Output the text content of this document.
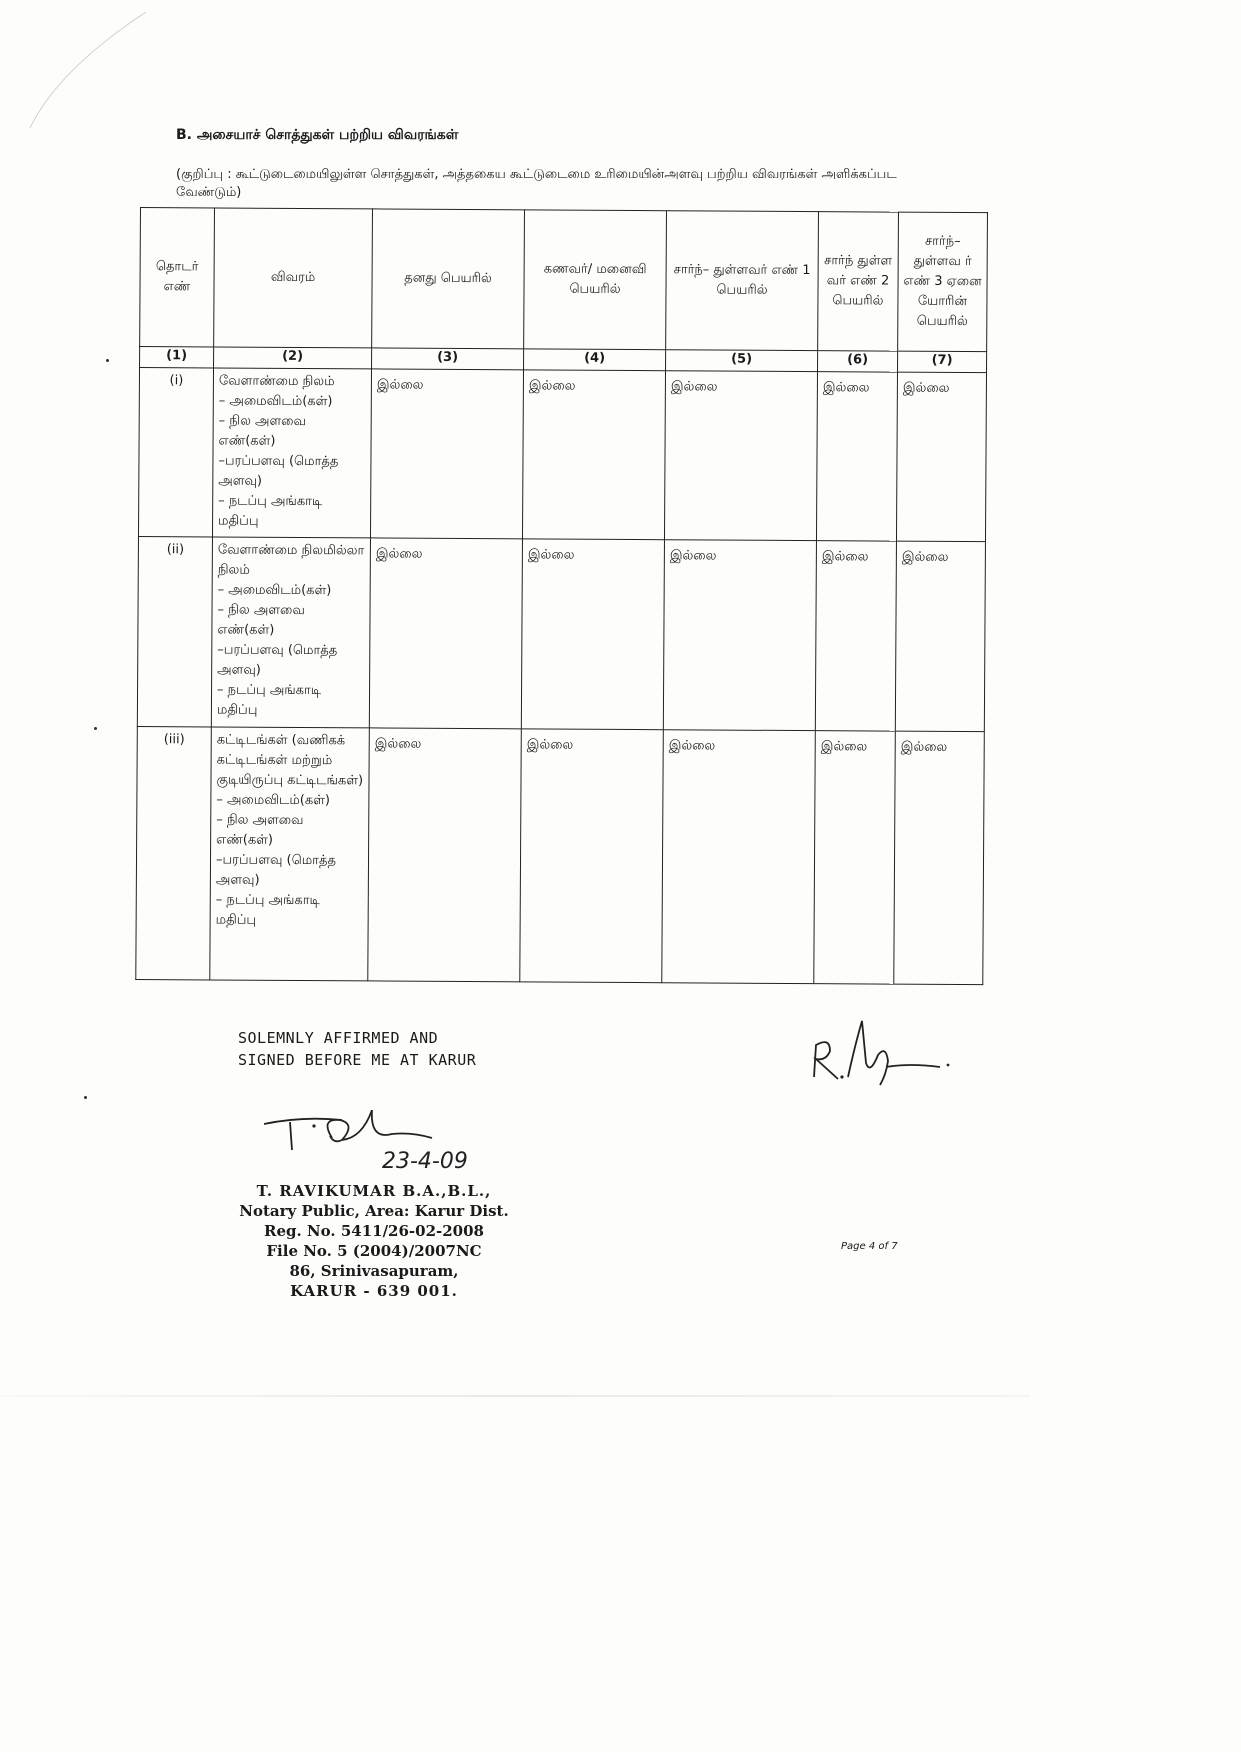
B. அசையாச் சொத்துகள் பற்றிய விவரங்கள்
(குறிப்பு : கூட்டுடைமையிலுள்ள சொத்துகள், அத்தகைய கூட்டுடைமை உரிமையின்அளவு பற்றிய விவரங்கள் அளிக்கப்பட வேண்டும்)
தொடர் எண்	விவரம்	தனது பெயரில்	கணவர்/ மனைவி பெயரில்	சார்ந்– துள்ளவர் எண் 1 பெயரில்	சார்ந் துள்ள வர் எண் 2 பெயரில்	சார்ந்– துள்ளவ ர் எண் 3 ஏனை யோரின் பெயரில்
(1)	(2)	(3)	(4)	(5)	(6)	(7)
(i)	வேளாண்மை நிலம்
– அமைவிடம்(கள்)
– நில அளவை எண்(கள்)
–பரப்பளவு (மொத்த அளவு)
– நடப்பு அங்காடி மதிப்பு	இல்லை	இல்லை	இல்லை	இல்லை	இல்லை
(ii)	வேளாண்மை நிலமில்லா நிலம்
– அமைவிடம்(கள்)
– நில அளவை எண்(கள்)
–பரப்பளவு (மொத்த அளவு)
– நடப்பு அங்காடி மதிப்பு	இல்லை	இல்லை	இல்லை	இல்லை	இல்லை
(iii)	கட்டிடங்கள் (வணிகக் கட்டிடங்கள் மற்றும் குடியிருப்பு கட்டிடங்கள்)
– அமைவிடம்(கள்)
– நில அளவை எண்(கள்)
–பரப்பளவு (மொத்த அளவு)
– நடப்பு அங்காடி மதிப்பு	இல்லை	இல்லை	இல்லை	இல்லை	இல்லை
SOLEMNLY AFFIRMED AND
SIGNED BEFORE ME AT KARUR
23-4-09
T. RAVIKUMAR B.A.,B.L.,
Notary Public, Area: Karur Dist.
Reg. No. 5411/26-02-2008
File No. 5 (2004)/2007NC
86, Srinivasapuram,
KARUR - 639 001.
Page 4 of 7
